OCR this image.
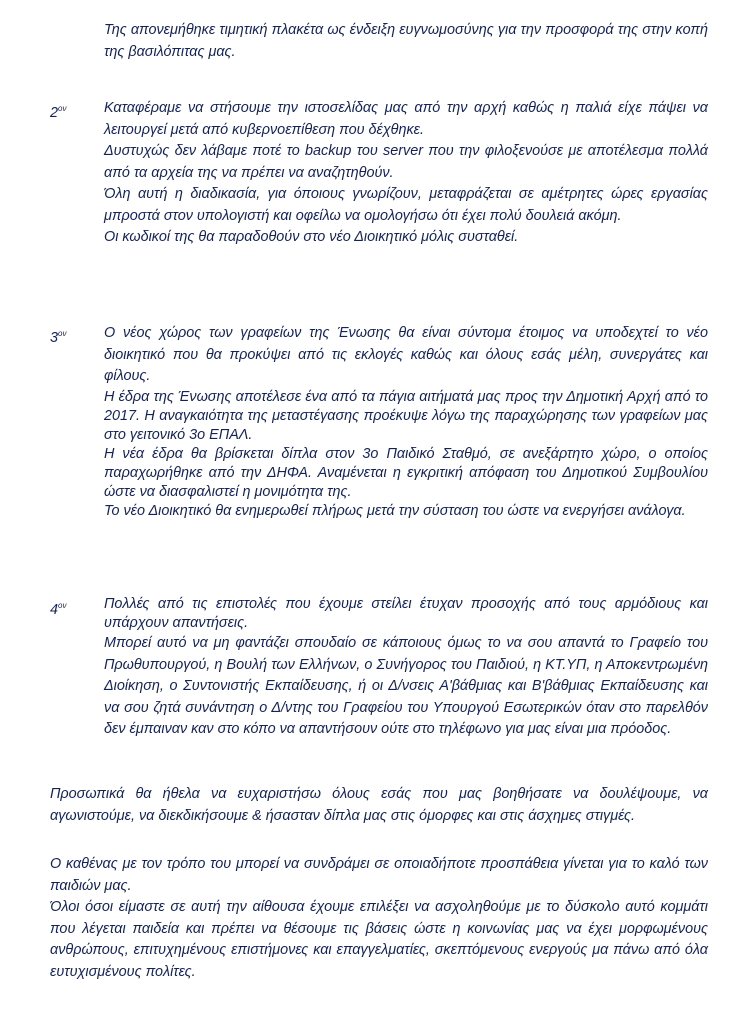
Της απονεμήθηκε τιμητική πλακέτα ως ένδειξη ευγνωμοσύνης για την προσφορά της στην κοπή της βασιλόπιτας μας.

$2^{o\nu}$	Καταφέραμε να στήσουμε την ιστοσελίδας μας από την αρχή καθώς η παλιά είχε πάψει να λειτουργεί μετά από κυβερνοεπίθεση που δέχθηκε.

Δυστυχώς δεν λάβαμε ποτέ το backup του server που την φιλοξενούσε με αποτέλεσμα πολλά από τα αρχεία της να πρέπει να αναζητηθούν.

Όλη αυτή η διαδικασία, για όποιους γνωρίζουν, μεταφράζεται σε αμέτρητες ώρες εργασίας μπροστά στον υπολογιστή και οφείλω να ομολογήσω ότι έχει πολύ δουλειά ακόμη.

Οι κωδικοί της θα παραδοθούν στο νέο Διοικητικό μόλις συσταθεί.

$3^{o\nu}$	Ο νέος χώρος των γραφείων της Ένωσης θα είναι σύντομα έτοιμος να υποδεχτεί το νέο διοικητικό που θα προκύψει από τις εκλογές καθώς και όλους εσάς μέλη, συνεργάτες και φίλους.

Η έδρα της Ένωσης αποτέλεσε ένα από τα πάγια αιτήματά μας προς την Δημοτική Αρχή από το 2017. Η αναγκαιότητα της μεταστέγασης προέκυψε λόγω της παραχώρησης των γραφείων μας στο γειτονικό 3ο ΕΠΑΛ.

Η νέα έδρα θα βρίσκεται δίπλα στον 3ο Παιδικό Σταθμό, σε ανεξάρτητο χώρο, ο οποίος παραχωρήθηκε από την ΔΗΦΑ. Αναμένεται η εγκριτική απόφαση του Δημοτικού Συμβουλίου ώστε να διασφαλιστεί η μονιμότητα της.

Το νέο Διοικητικό θα ενημερωθεί πλήρως μετά την σύσταση του ώστε να ενεργήσει ανάλογα.

$4^{o\nu}$	Πολλές από τις επιστολές που έχουμε στείλει έτυχαν προσοχής από τους αρμόδιους και υπάρχουν απαντήσεις.

Μπορεί αυτό να μη φαντάζει σπουδαίο σε κάποιους όμως το να σου απαντά το Γραφείο του Πρωθυπουργού, η Βουλή των Ελλήνων, ο Συνήγορος του Παιδιού, η ΚΤ.ΥΠ, η Αποκεντρωμένη Διοίκηση, ο Συντονιστής Εκπαίδευσης, ή οι Δ/νσεις Α'βάθμιας και Β'βάθμιας Εκπαίδευσης και να σου ζητά συνάντηση ο Δ/ντης του Γραφείου του Υπουργού Εσωτερικών όταν στο παρελθόν δεν έμπαιναν καν στο κόπο να απαντήσουν ούτε στο τηλέφωνο για μας είναι μια πρόοδος.

Προσωπικά θα ήθελα να ευχαριστήσω όλους εσάς που μας βοηθήσατε να δουλέψουμε, να αγωνιστούμε, να διεκδικήσουμε & ήσασταν δίπλα μας στις όμορφες και στις άσχημες στιγμές.

Ο καθένας με τον τρόπο του μπορεί να συνδράμει σε οποιαδήποτε προσπάθεια γίνεται για το καλό των παιδιών μας.

Όλοι όσοι είμαστε σε αυτή την αίθουσα έχουμε επιλέξει να ασχοληθούμε με το δύσκολο αυτό κομμάτι που λέγεται παιδεία και πρέπει να θέσουμε τις βάσεις ώστε η κοινωνίας μας να έχει μορφωμένους ανθρώπους, επιτυχημένους επιστήμονες και επαγγελματίες, σκεπτόμενους ενεργούς μα πάνω από όλα ευτυχισμένους πολίτες.
